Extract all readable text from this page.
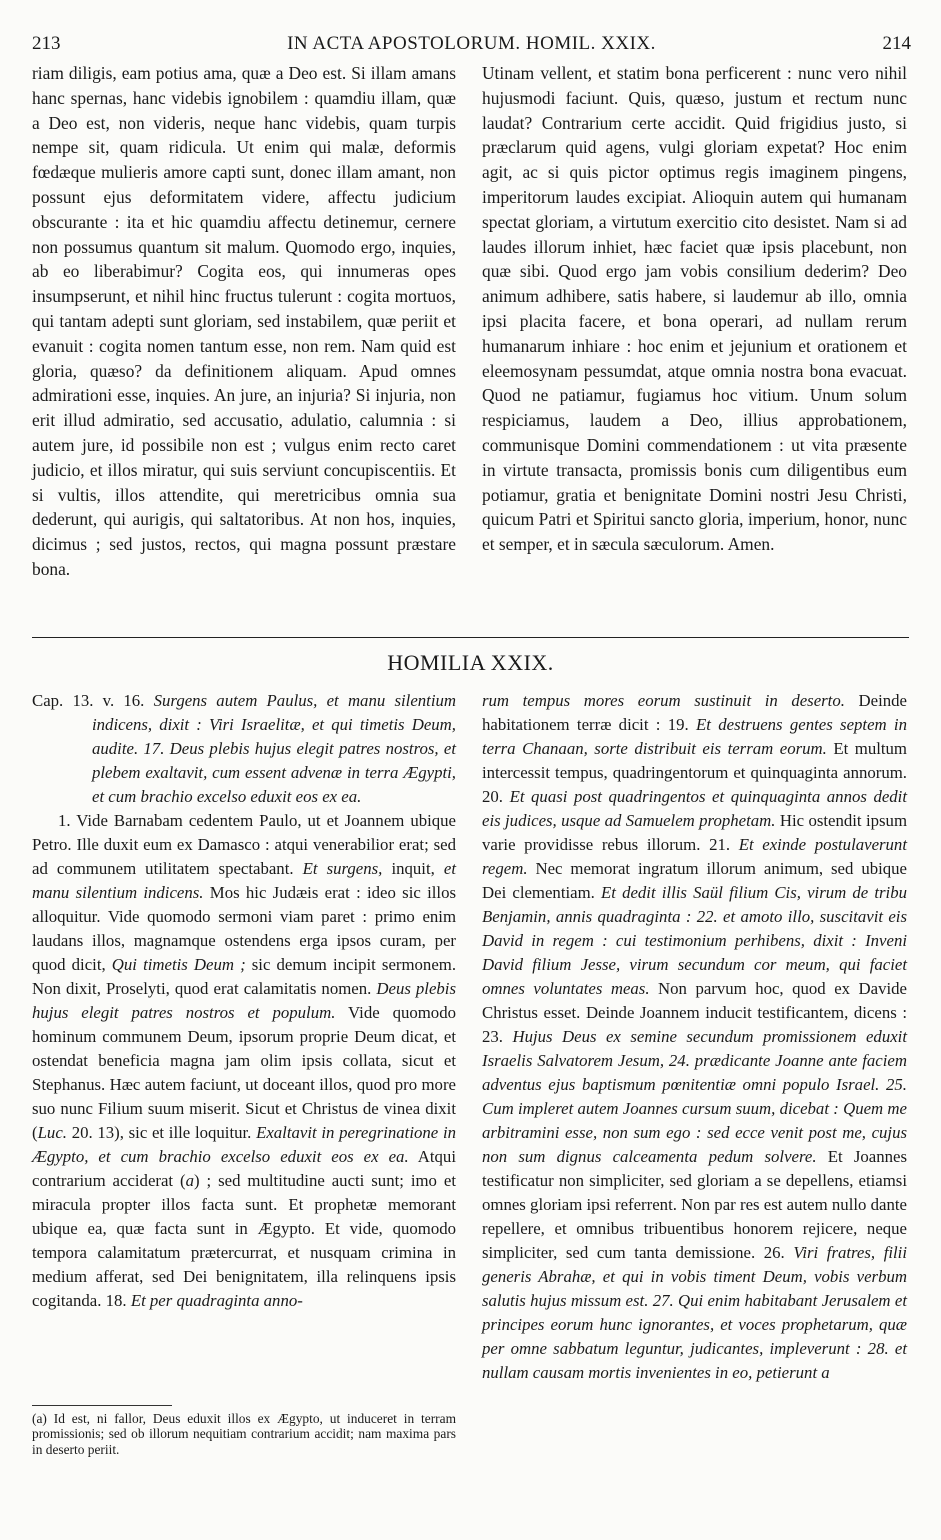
213	IN ACTA APOSTOLORUM. HOMIL. XXIX.	214

riam diligis, eam potius ama, quæ a Deo est. Si illam amans hanc spernas, hanc videbis ignobilem : quamdiu illam, quæ a Deo est, non videris, neque hanc videbis, quam turpis nempe sit, quam ridicula. Ut enim qui malæ, deformis fœdæque mulieris amore capti sunt, donec illam amant, non possunt ejus deformitatem videre, affectu judicium obscurante : ita et hic quamdiu affectu detinemur, cernere non possumus quantum sit malum. Quomodo ergo, inquies, ab eo liberabimur? Cogita eos, qui innumeras opes insumpserunt, et nihil hinc fructus tulerunt : cogita mortuos, qui tantam adepti sunt gloriam, sed instabilem, quæ periit et evanuit : cogita nomen tantum esse, non rem. Nam quid est gloria, quæso? da definitionem aliquam. Apud omnes admirationi esse, inquies. An jure, an injuria? Si injuria, non erit illud admiratio, sed accusatio, adulatio, calumnia : si autem jure, id possibile non est ; vulgus enim recto caret judicio, et illos miratur, qui suis serviunt concupiscentiis. Et si vultis, illos attendite, qui meretricibus omnia sua dederunt, qui aurigis, qui saltatoribus. At non hos, inquies, dicimus ; sed justos, rectos, qui magna possunt præstare bona.

Utinam vellent, et statim bona perficerent : nunc vero nihil hujusmodi faciunt. Quis, quæso, justum et rectum nunc laudat? Contrarium certe accidit. Quid frigidius justo, si præclarum quid agens, vulgi gloriam expetat? Hoc enim agit, ac si quis pictor optimus regis imaginem pingens, imperitorum laudes excipiat. Alioquin autem qui humanam spectat gloriam, a virtutum exercitio cito desistet. Nam si ad laudes illorum inhiet, hæc faciet quæ ipsis placebunt, non quæ sibi. Quod ergo jam vobis consilium dederim? Deo animum adhibere, satis habere, si laudemur ab illo, omnia ipsi placita facere, et bona operari, ad nullam rerum humanarum inhiare : hoc enim et jejunium et orationem et eleemosynam pessumdat, atque omnia nostra bona evacuat. Quod ne patiamur, fugiamus hoc vitium. Unum solum respiciamus, laudem a Deo, illius approbationem, communisque Domini commendationem : ut vita præsente in virtute transacta, promissis bonis cum diligentibus eum potiamur, gratia et benignitate Domini nostri Jesu Christi, quicum Patri et Spiritui sancto gloria, imperium, honor, nunc et semper, et in sæcula sæculorum. Amen.

HOMILIA XXIX.

Cap. 13. v. 16. Surgens autem Paulus, et manu silentium indicens, dixit : Viri Israelitæ, et qui timetis Deum, audite. 17. Deus plebis hujus elegit patres nostros, et plebem exaltavit, cum essent advenæ in terra Ægypti, et cum brachio excelso eduxit eos ex ea.

1. Vide Barnabam cedentem Paulo, ut et Joannem ubique Petro. Ille duxit eum ex Damasco : atqui venerabilior erat; sed ad communem utilitatem spectabant. Et surgens, inquit, et manu silentium indicens. Mos hic Judæis erat : ideo sic illos alloquitur. Vide quomodo sermoni viam paret : primo enim laudans illos, magnamque ostendens erga ipsos curam, per quod dicit, Qui timetis Deum ; sic demum incipit sermonem. Non dixit, Proselyti, quod erat calamitatis nomen. Deus plebis hujus elegit patres nostros et populum. Vide quomodo hominum communem Deum, ipsorum proprie Deum dicat, et ostendat beneficia magna jam olim ipsis collata, sicut et Stephanus. Hæc autem faciunt, ut doceant illos, quod pro more suo nunc Filium suum miserit. Sicut et Christus de vinea dixit (Luc. 20. 13), sic et ille loquitur. Exaltavit in peregrinatione in Ægypto, et cum brachio excelso eduxit eos ex ea. Atqui contrarium acciderat (a) ; sed multitudine aucti sunt; imo et miracula propter illos facta sunt. Et prophetæ memorant ubique ea, quæ facta sunt in Ægypto. Et vide, quomodo tempora calamitatum prætercurrat, et nusquam crimina in medium afferat, sed Dei benignitatem, illa relinquens ipsis cogitanda. 18. Et per quadraginta anno-

rum tempus mores eorum sustinuit in deserto. Deinde habitationem terræ dicit : 19. Et destruens gentes septem in terra Chanaan, sorte distribuit eis terram eorum. Et multum intercessit tempus, quadringentorum et quinquaginta annorum. 20. Et quasi post quadringentos et quinquaginta annos dedit eis judices, usque ad Samuelem prophetam. Hic ostendit ipsum varie providisse rebus illorum. 21. Et exinde postulaverunt regem. Nec memorat ingratum illorum animum, sed ubique Dei clementiam. Et dedit illis Saül filium Cis, virum de tribu Benjamin, annis quadraginta : 22. et amoto illo, suscitavit eis David in regem : cui testimonium perhibens, dixit : Inveni David filium Jesse, virum secundum cor meum, qui faciet omnes voluntates meas. Non parvum hoc, quod ex Davide Christus esset. Deinde Joannem inducit testificantem, dicens : 23. Hujus Deus ex semine secundum promissionem eduxit Israelis Salvatorem Jesum, 24. prædicante Joanne ante faciem adventus ejus baptismum pœnitentiæ omni populo Israel. 25. Cum impleret autem Joannes cursum suum, dicebat : Quem me arbitramini esse, non sum ego : sed ecce venit post me, cujus non sum dignus calceamenta pedum solvere. Et Joannes testificatur non simpliciter, sed gloriam a se depellens, etiamsi omnes gloriam ipsi referrent. Non par res est autem nullo dante repellere, et omnibus tribuentibus honorem rejicere, neque simpliciter, sed cum tanta demissione. 26. Viri fratres, filii generis Abrahæ, et qui in vobis timent Deum, vobis verbum salutis hujus missum est. 27. Qui enim habitabant Jerusalem et principes eorum hunc ignorantes, et voces prophetarum, quæ per omne sabbatum leguntur, judicantes, impleverunt : 28. et nullam causam mortis invenientes in eo, petierunt a

(a) Id est, ni fallor, Deus eduxit illos ex Ægypto, ut induceret in terram promissionis; sed ob illorum nequitiam contrarium accidit; nam maxima pars in deserto periit.
